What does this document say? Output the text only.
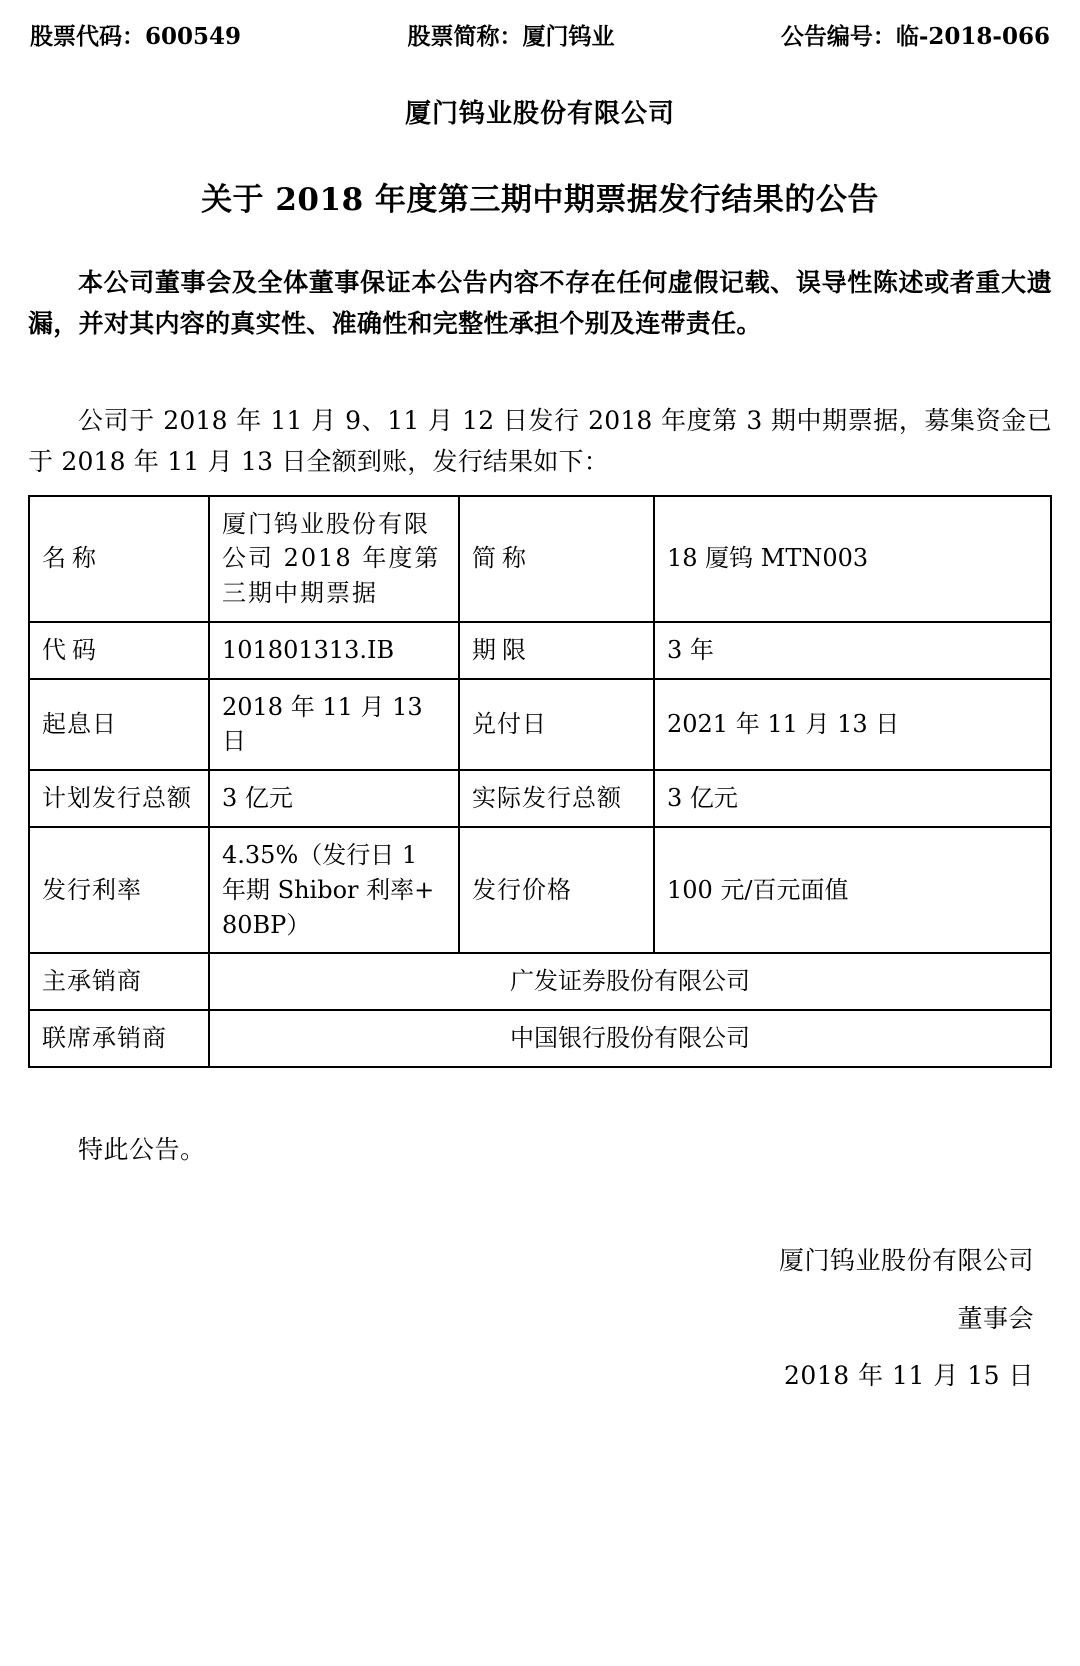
股票代码：600549	股票简称：厦门钨业	公告编号：临-2018-066
厦门钨业股份有限公司
关于 2018 年度第三期中期票据发行结果的公告
本公司董事会及全体董事保证本公告内容不存在任何虚假记载、误导性陈述或者重大遗漏，并对其内容的真实性、准确性和完整性承担个别及连带责任。
公司于 2018 年 11 月 9、11 月 12 日发行 2018 年度第 3 期中期票据，募集资金已于 2018 年 11 月 13 日全额到账，发行结果如下：
名称	厦门钨业股份有限公司 2018 年度第三期中期票据	简称	18 厦钨 MTN003
代码	101801313.IB	期限	3 年
起息日	2018 年 11 月 13 日	兑付日	2021 年 11 月 13 日
计划发行总额	3 亿元	实际发行总额	3 亿元
发行利率	4.35%（发行日 1 年期 Shibor 利率+80BP）	发行价格	100 元/百元面值
主承销商	广发证券股份有限公司		
联席承销商	中国银行股份有限公司		
特此公告。
厦门钨业股份有限公司
董事会
2018 年 11 月 15 日
